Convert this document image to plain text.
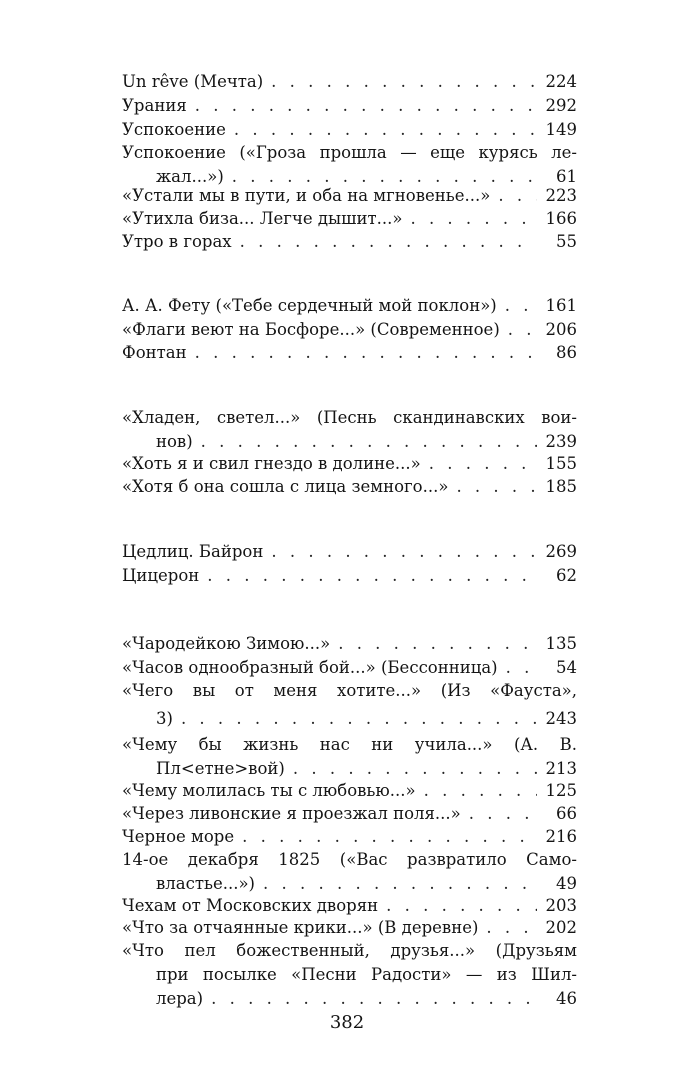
Un rêve (Мечта) . . .	224
Урания . . .	292
Успокоение . . .	149
Успокоение («Гроза прошла — еще курясь ле-
жал...») . . .	61
«Устали мы в пути, и оба на мгновенье...» . . .	223
«Утихла биза... Легче дышит...» . . .	166
Утро в горах . . .	55
А. А. Фету («Тебе сердечный мой поклон») . . .	161
«Флаги веют на Босфоре...» (Современное) . . .	206
Фонтан . . .	86
«Хладен, светел...» (Песнь скандинавских вои-
нов) . . .	239
«Хоть я и свил гнездо в долине...» . . .	155
«Хотя б она сошла с лица земного...» . . .	185
Цедлиц. Байрон . . .	269
Цицерон . . .	62
«Чародейкою Зимою...» . . .	135
«Часов однообразный бой...» (Бессонница) . . .	54
«Чего вы от меня хотите...» (Из «Фауста»,
3) . . .	243
«Чему бы жизнь нас ни учила...» (А. В.
Пл<етне>вой) . . .	213
«Чему молилась ты с любовью...» . . .	125
«Через ливонские я проезжал поля...» . . .	66
Черное море . . .	216
14-ое декабря 1825 («Вас развратило Само-
властье...») . . .	49
Чехам от Московских дворян . . .	203
«Что за отчаянные крики...» (В деревне) . . .	202
«Что пел божественный, друзья...» (Друзьям
при посылке «Песни Радости» — из Шил-
лера) . . .	46
382
